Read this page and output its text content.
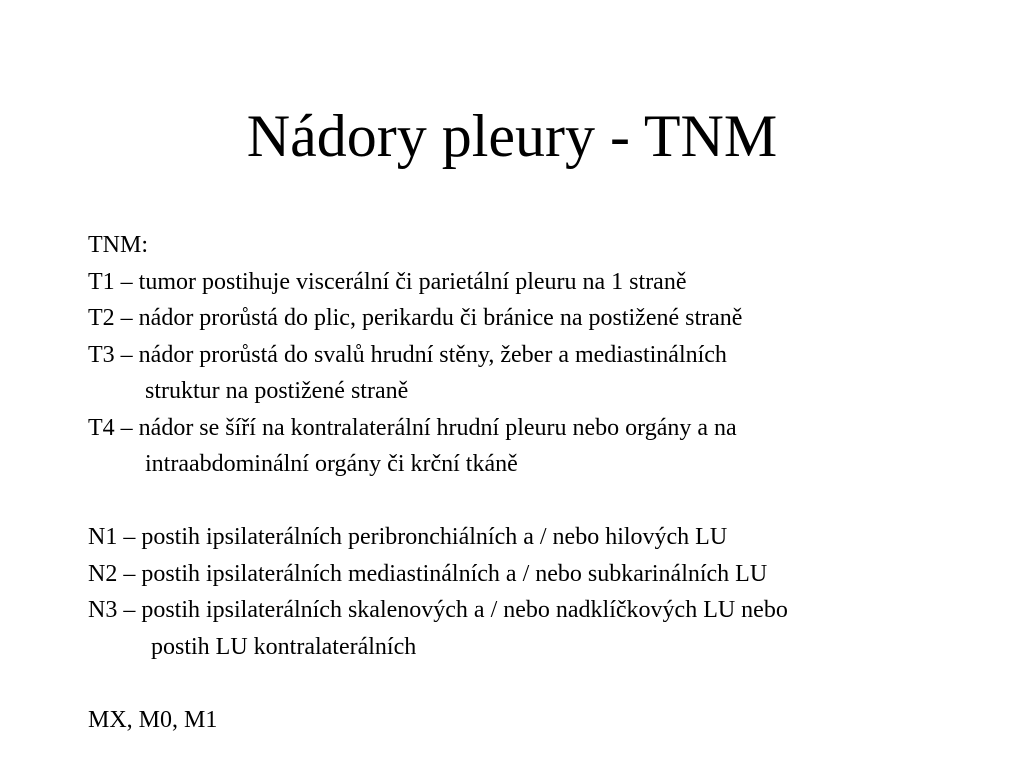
Nádory pleury - TNM
TNM:
T1 – tumor postihuje viscerální či parietální pleuru na 1 straně
T2 – nádor prorůstá do plic, perikardu či bránice na postižené straně
T3 – nádor prorůstá do svalů hrudní stěny, žeber a mediastinálních
struktur na postižené straně
T4 – nádor se šíří na kontralaterální hrudní pleuru nebo orgány a na
intraabdominální orgány či krční tkáně
N1 – postih ipsilaterálních peribronchiálních a / nebo hilových LU
N2 – postih ipsilaterálních mediastinálních a / nebo subkarinálních LU
N3 – postih ipsilaterálních skalenových a / nebo nadklíčkových LU nebo
postih LU kontralaterálních
MX, M0, M1
